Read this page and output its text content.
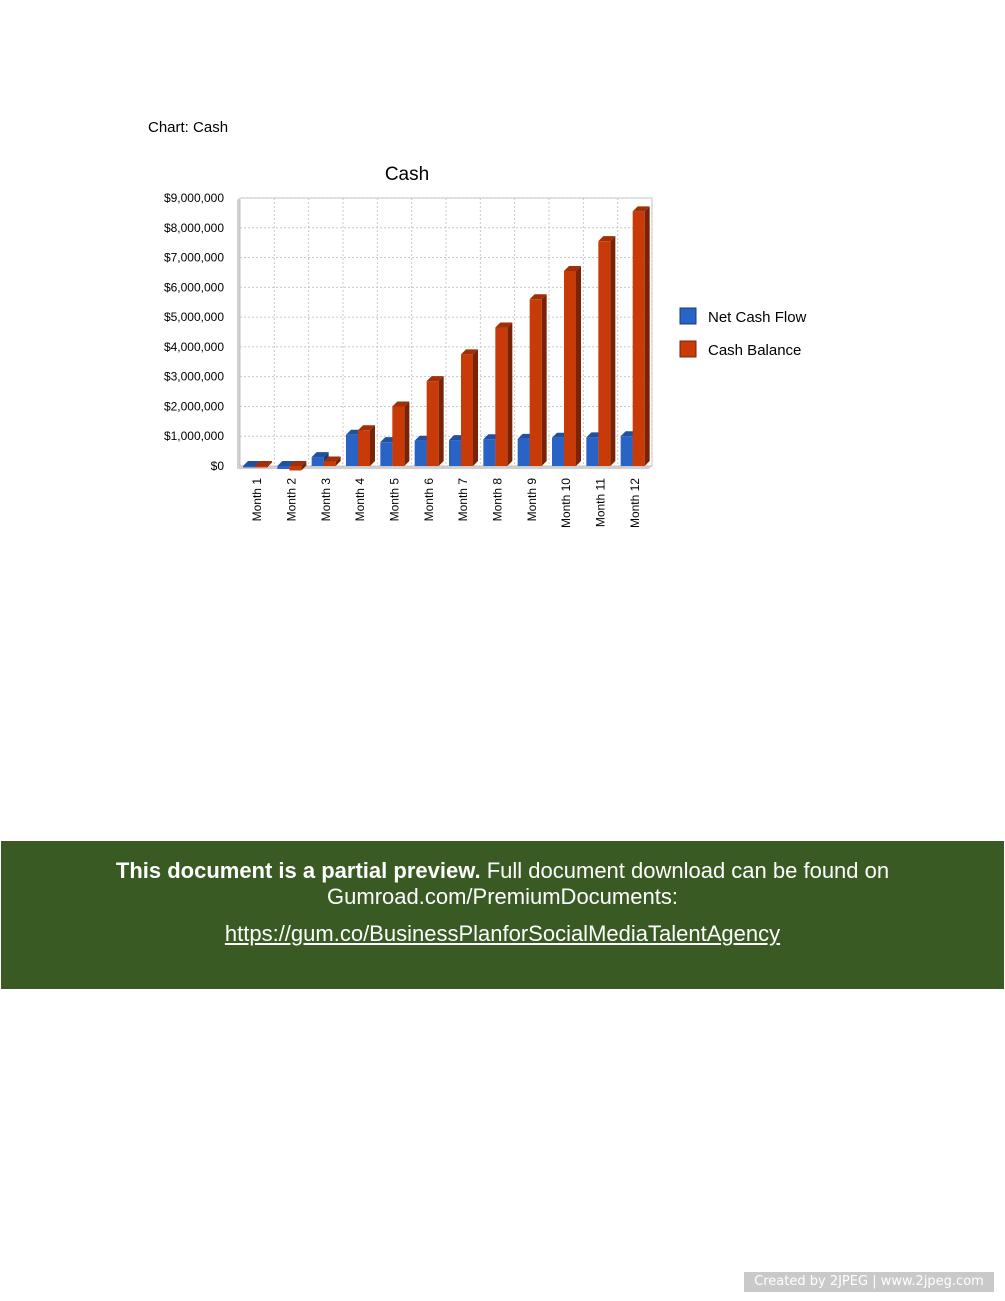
Chart: Cash
Cash
$0
$1,000,000
$2,000,000
$3,000,000
$4,000,000
$5,000,000
$6,000,000
$7,000,000
$8,000,000
$9,000,000
Month 1 Month 2 Month 3 Month 4 Month 5 Month 6 Month 7 Month 8 Month 9 Month 10 Month 11 Month 12
Net Cash Flow
Cash Balance
This document is a partial preview. Full document download can be found on
Gumroad.com/PremiumDocuments:
https://gum.co/BusinessPlanforSocialMediaTalentAgency
Created by 2JPEG | www.2jpeg.com
